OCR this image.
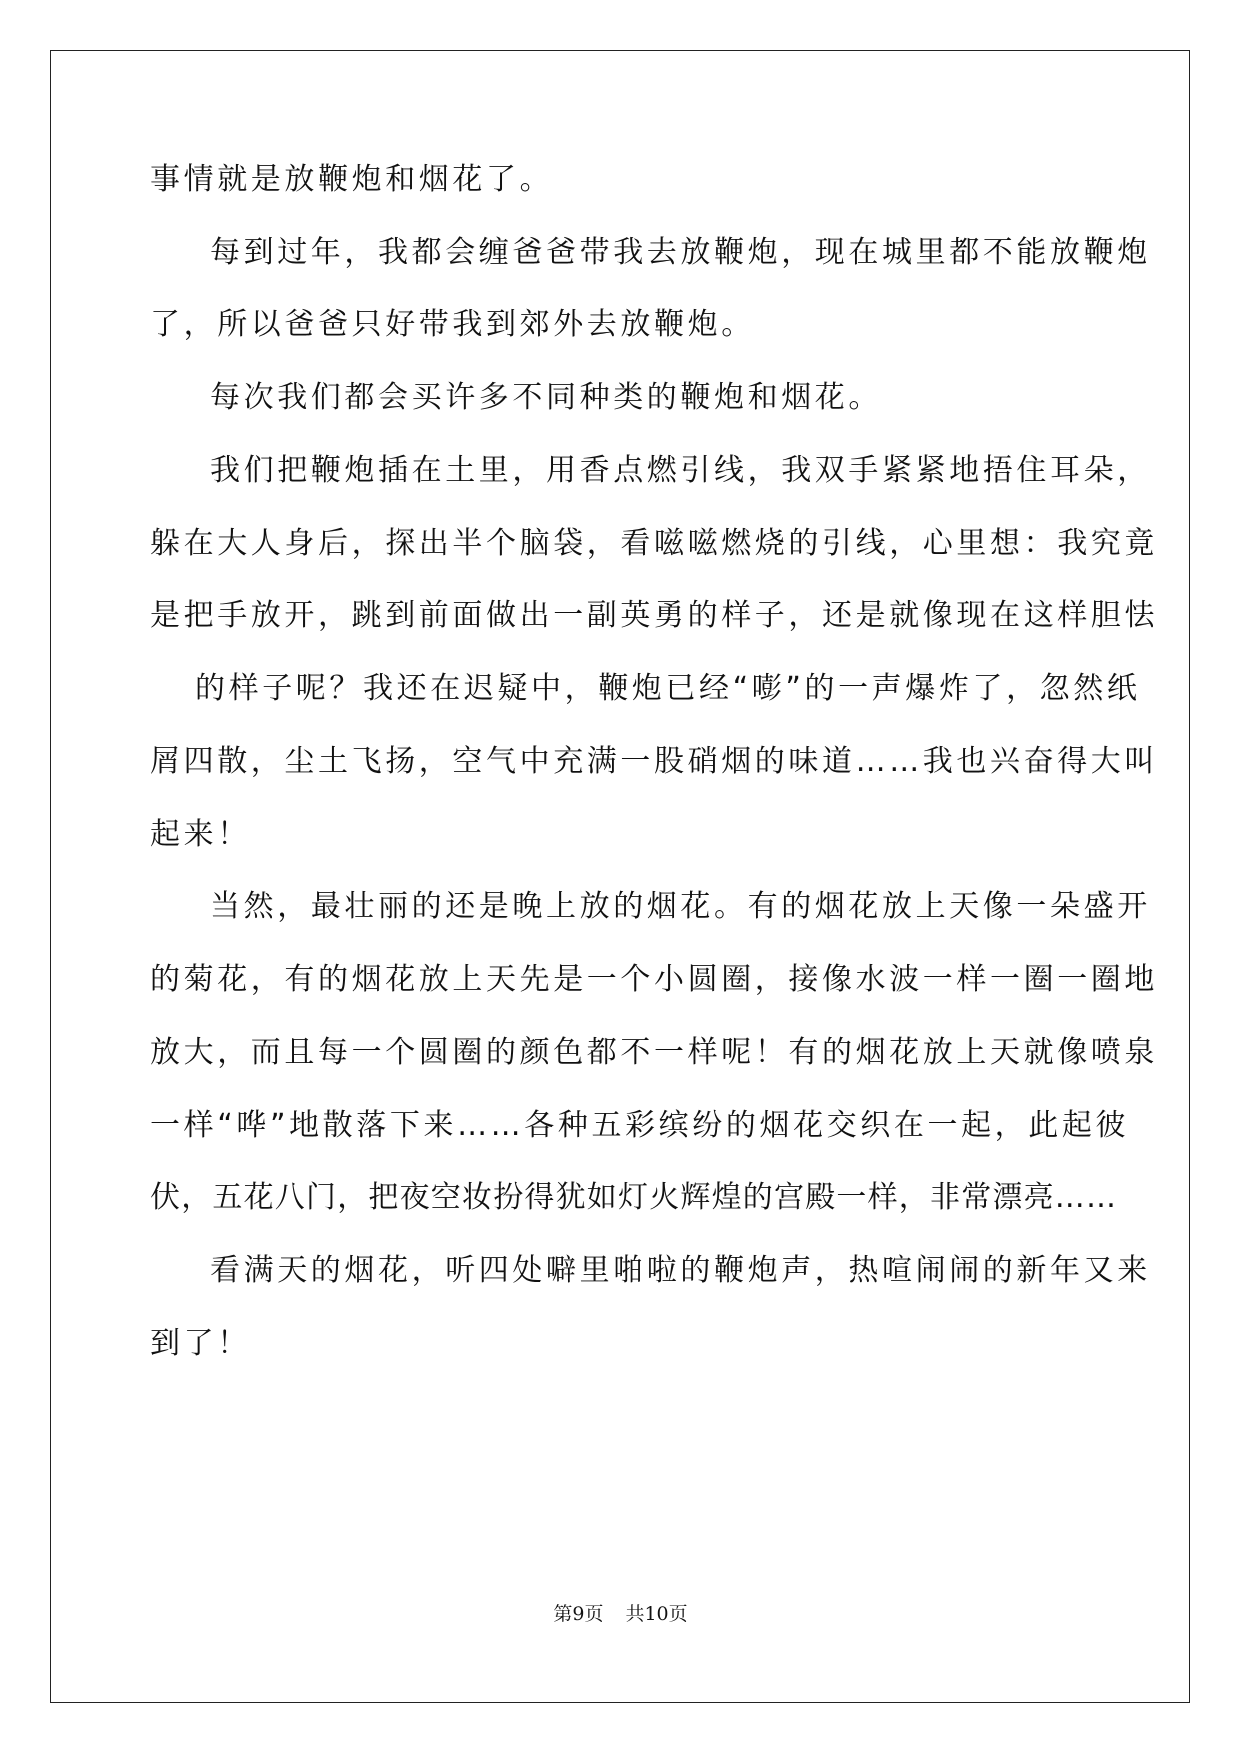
事情就是放鞭炮和烟花了。
每到过年，我都会缠爸爸带我去放鞭炮，现在城里都不能放鞭炮
了，所以爸爸只好带我到郊外去放鞭炮。
每次我们都会买许多不同种类的鞭炮和烟花。
我们把鞭炮插在土里，用香点燃引线，我双手紧紧地捂住耳朵，
躲在大人身后，探出半个脑袋，看嗞嗞燃烧的引线，心里想：我究竟
是把手放开，跳到前面做出一副英勇的样子，还是就像现在这样胆怯
的样子呢？我还在迟疑中，鞭炮已经“嘭”的一声爆炸了，忽然纸
屑四散，尘土飞扬，空气中充满一股硝烟的味道……我也兴奋得大叫
起来！
当然，最壮丽的还是晚上放的烟花。有的烟花放上天像一朵盛开
的菊花，有的烟花放上天先是一个小圆圈，接像水波一样一圈一圈地
放大，而且每一个圆圈的颜色都不一样呢！有的烟花放上天就像喷泉
一样“哗”地散落下来……各种五彩缤纷的烟花交织在一起，此起彼
伏，五花八门，把夜空妆扮得犹如灯火辉煌的宫殿一样，非常漂亮……
看满天的烟花，听四处噼里啪啦的鞭炮声，热喧闹闹的新年又来
到了！
第9页 共10页
